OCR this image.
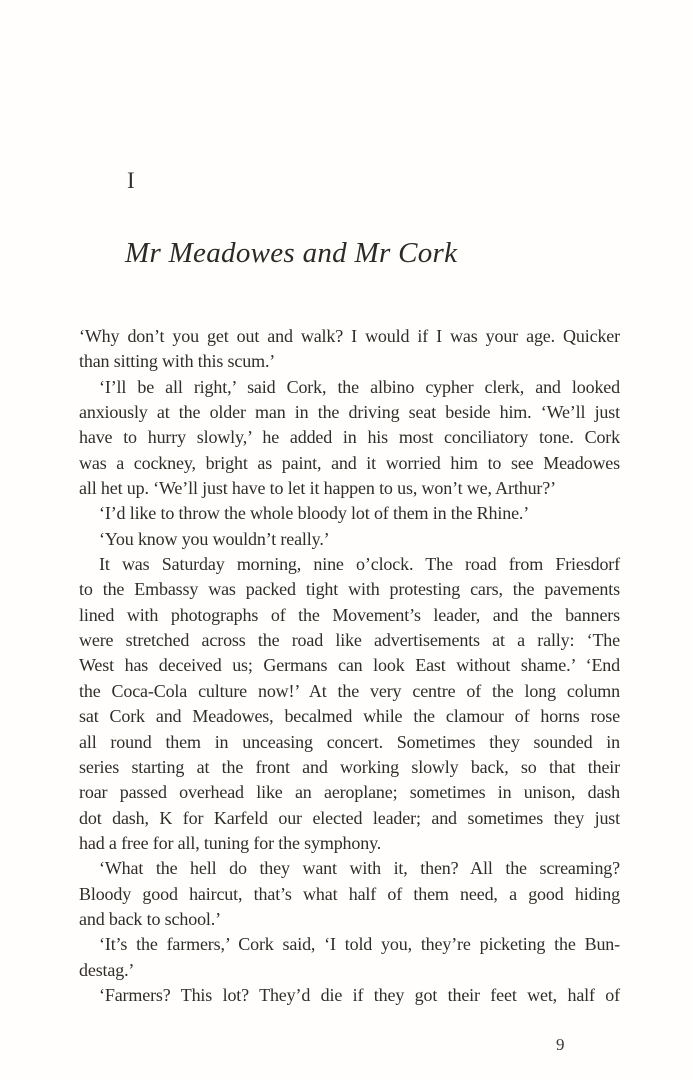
I
Mr Meadowes and Mr Cork
‘Why don’t you get out and walk? I would if I was your age. Quicker
than sitting with this scum.’
‘I’ll be all right,’ said Cork, the albino cypher clerk, and looked
anxiously at the older man in the driving seat beside him. ‘We’ll just
have to hurry slowly,’ he added in his most conciliatory tone. Cork
was a cockney, bright as paint, and it worried him to see Meadowes
all het up. ‘We’ll just have to let it happen to us, won’t we, Arthur?’
‘I’d like to throw the whole bloody lot of them in the Rhine.’
‘You know you wouldn’t really.’
It was Saturday morning, nine o’clock. The road from Friesdorf
to the Embassy was packed tight with protesting cars, the pavements
lined with photographs of the Movement’s leader, and the banners
were stretched across the road like advertisements at a rally: ‘The
West has deceived us; Germans can look East without shame.’ ‘End
the Coca-Cola culture now!’ At the very centre of the long column
sat Cork and Meadowes, becalmed while the clamour of horns rose
all round them in unceasing concert. Sometimes they sounded in
series starting at the front and working slowly back, so that their
roar passed overhead like an aeroplane; sometimes in unison, dash
dot dash, K for Karfeld our elected leader; and sometimes they just
had a free for all, tuning for the symphony.
‘What the hell do they want with it, then? All the screaming?
Bloody good haircut, that’s what half of them need, a good hiding
and back to school.’
‘It’s the farmers,’ Cork said, ‘I told you, they’re picketing the Bun-
destag.’
‘Farmers? This lot? They’d die if they got their feet wet, half of
9
